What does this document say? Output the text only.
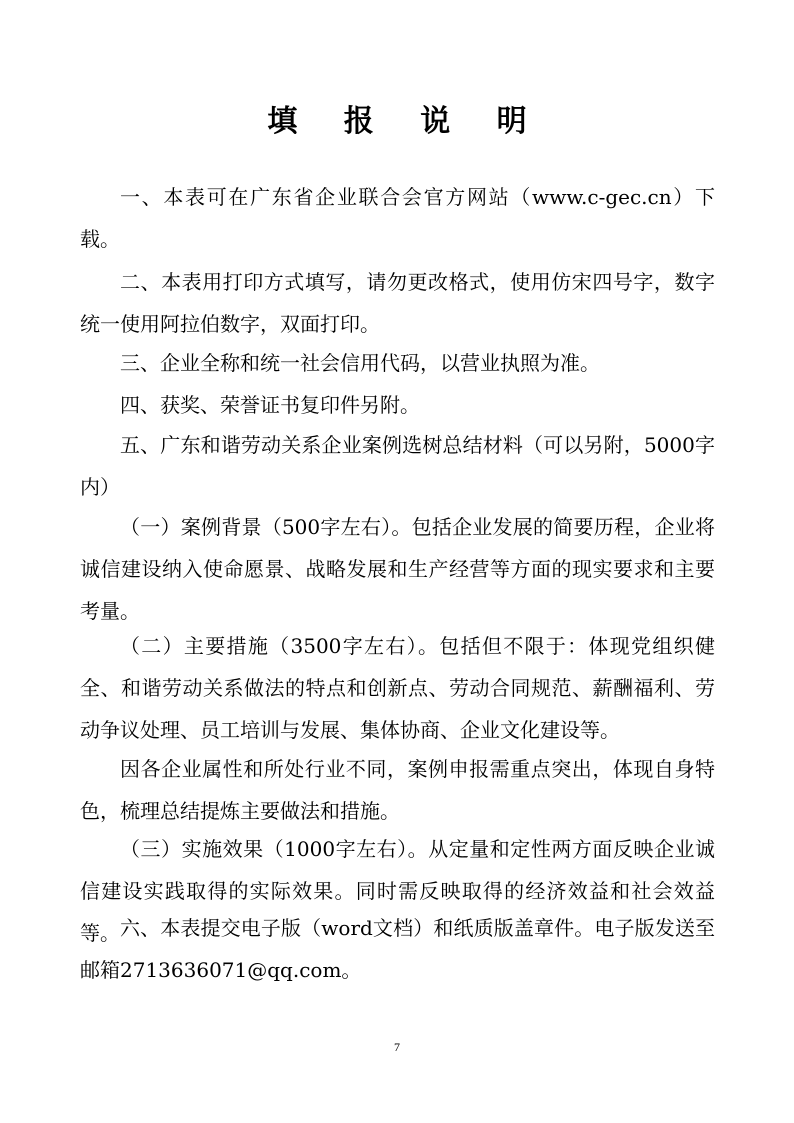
填 报 说 明
一、本表可在广东省企业联合会官方网站（www.c-gec.cn）下载。
二、本表用打印方式填写，请勿更改格式，使用仿宋四号字，数字统一使用阿拉伯数字，双面打印。
三、企业全称和统一社会信用代码，以营业执照为准。
四、获奖、荣誉证书复印件另附。
五、广东和谐劳动关系企业案例选树总结材料（可以另附，5000字内）
（一）案例背景（500字左右）。包括企业发展的简要历程，企业将诚信建设纳入使命愿景、战略发展和生产经营等方面的现实要求和主要考量。
（二）主要措施（3500字左右）。包括但不限于：体现党组织健全、和谐劳动关系做法的特点和创新点、劳动合同规范、薪酬福利、劳动争议处理、员工培训与发展、集体协商、企业文化建设等。
因各企业属性和所处行业不同，案例申报需重点突出，体现自身特色，梳理总结提炼主要做法和措施。
（三）实施效果（1000字左右）。从定量和定性两方面反映企业诚信建设实践取得的实际效果。同时需反映取得的经济效益和社会效益等。 六、本表提交电子版（word文档）和纸质版盖章件。电子版发送至邮箱2713636071@qq.com。
7
